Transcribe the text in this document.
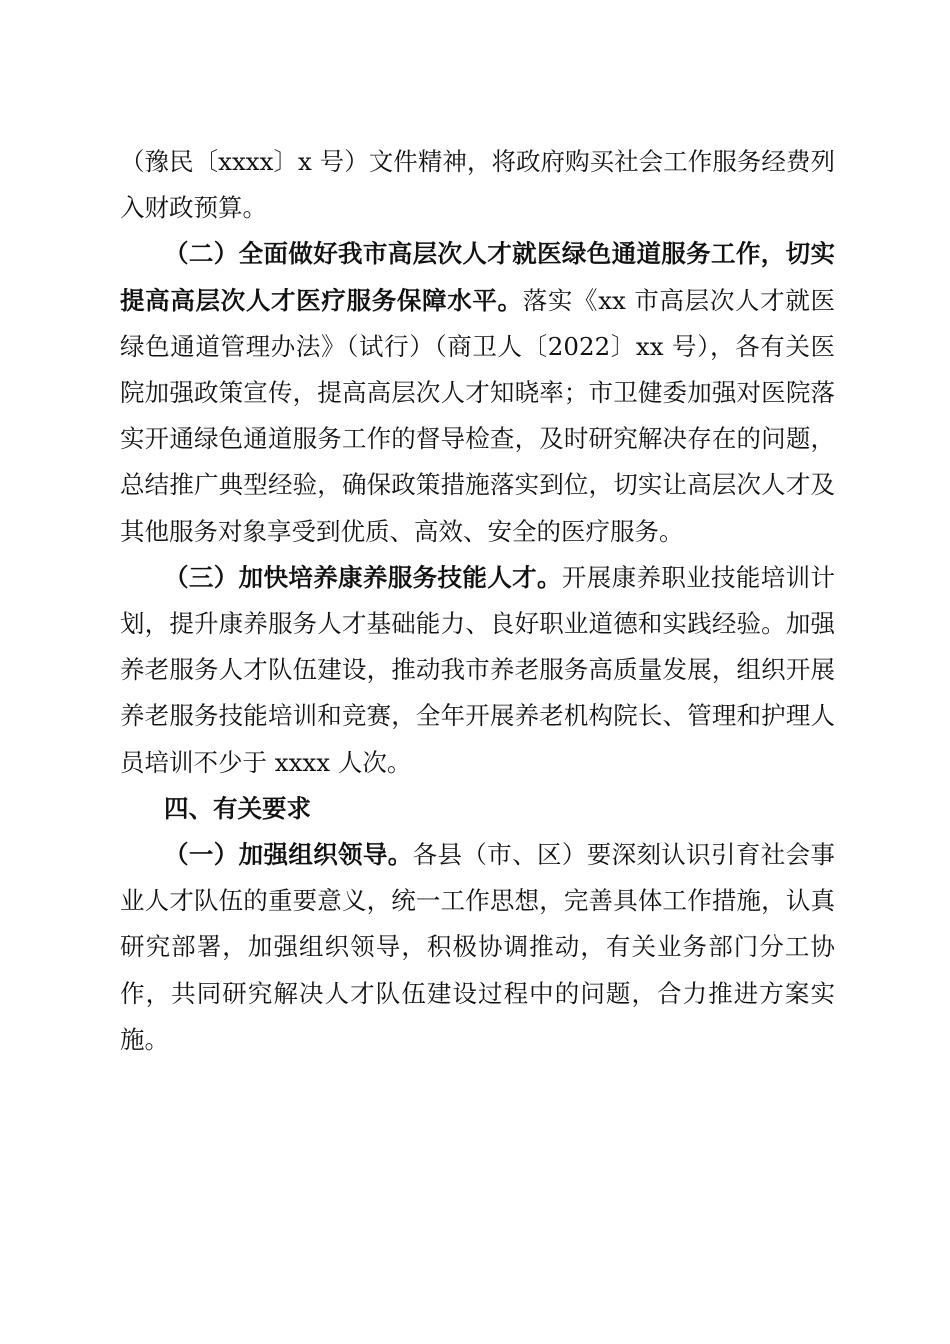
（豫民〔xxxx〕x 号）文件精神，将政府购买社会工作服务经费列入财政预算。

（二）全面做好我市高层次人才就医绿色通道服务工作，切实提高高层次人才医疗服务保障水平。落实《xx 市高层次人才就医绿色通道管理办法》（试行）（商卫人〔2022〕xx 号），各有关医院加强政策宣传，提高高层次人才知晓率；市卫健委加强对医院落实开通绿色通道服务工作的督导检查，及时研究解决存在的问题，总结推广典型经验，确保政策措施落实到位，切实让高层次人才及其他服务对象享受到优质、高效、安全的医疗服务。

（三）加快培养康养服务技能人才。开展康养职业技能培训计划，提升康养服务人才基础能力、良好职业道德和实践经验。加强养老服务人才队伍建设，推动我市养老服务高质量发展，组织开展养老服务技能培训和竞赛，全年开展养老机构院长、管理和护理人员培训不少于 xxxx 人次。

四、有关要求

（一）加强组织领导。各县（市、区）要深刻认识引育社会事业人才队伍的重要意义，统一工作思想，完善具体工作措施，认真研究部署，加强组织领导，积极协调推动，有关业务部门分工协作，共同研究解决人才队伍建设过程中的问题，合力推进方案实施。
